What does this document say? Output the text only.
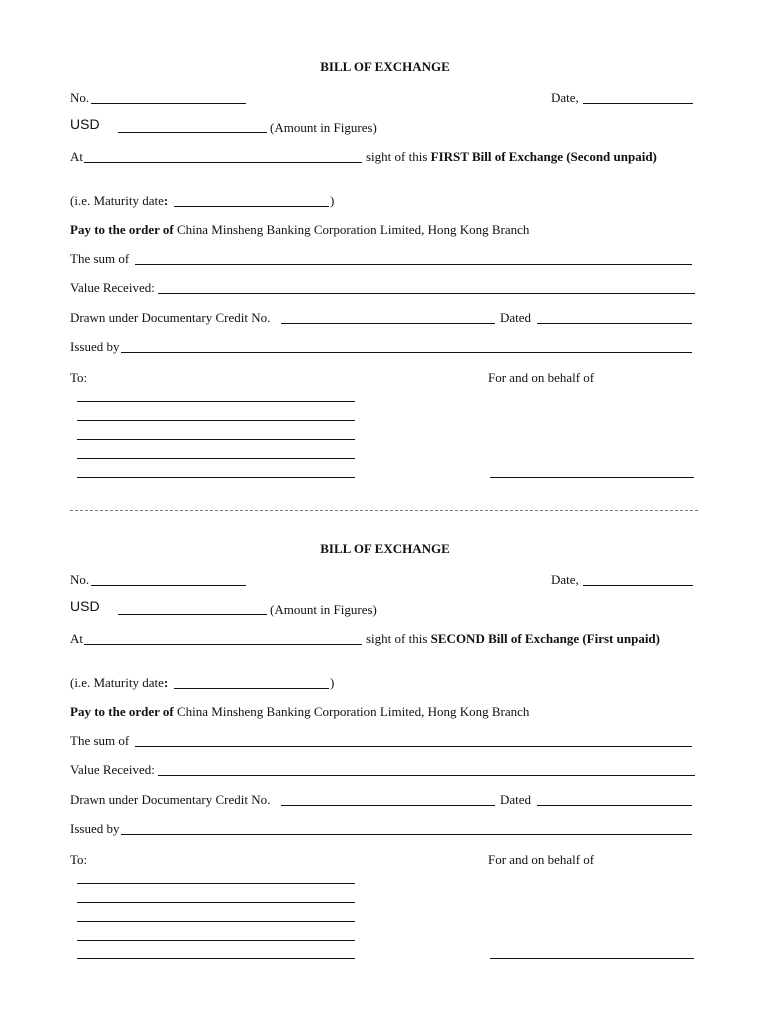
BILL OF EXCHANGE
No.	Date,
USD	(Amount in Figures)
At	sight of this FIRST Bill of Exchange (Second unpaid)
(i.e. Maturity date:	)
Pay to the order of China Minsheng Banking Corporation Limited, Hong Kong Branch
The sum of
Value Received:
Drawn under Documentary Credit No.	Dated
Issued by
To:	For and on behalf of
BILL OF EXCHANGE
No.	Date,
USD	(Amount in Figures)
At	sight of this SECOND Bill of Exchange (First unpaid)
(i.e. Maturity date:	)
Pay to the order of China Minsheng Banking Corporation Limited, Hong Kong Branch
The sum of
Value Received:
Drawn under Documentary Credit No.	Dated
Issued by
To:	For and on behalf of
